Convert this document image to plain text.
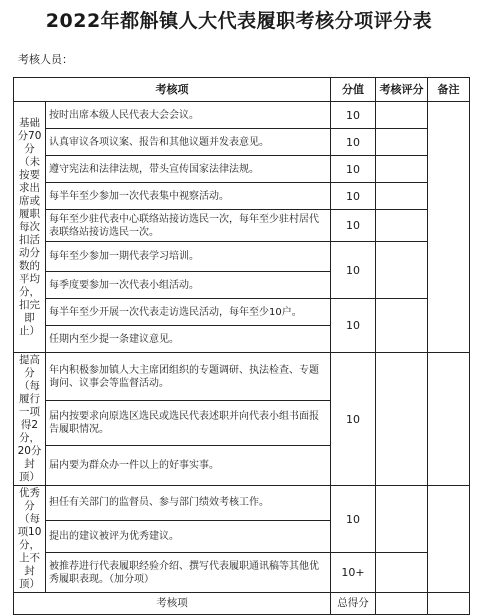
2022年都斛镇人大代表履职考核分项评分表
考核人员：
考核项		分值	考核评分	备注
基础分70分（未按要求出席或履职每次扣活动分数的平均分，扣完即止）	按时出席本级人民代表大会会议。	10		
	认真审议各项议案、报告和其他议题并发表意见。	10		
	遵守宪法和法律法规，带头宣传国家法律法规。	10		
	每半年至少参加一次代表集中视察活动。	10		
	每年至少驻代表中心联络站接访选民一次，每年至少驻村居代表联络站接访选民一次。	10		
	每年至少参加一期代表学习培训。	10		
	每季度要参加一次代表小组活动。			
	每半年至少开展一次代表走访选民活动，每年至少10户。	10		
	任期内至少提一条建议意见。			
提高分（每履行一项得2分，20分封顶）	年内积极参加镇人大主席团组织的专题调研、执法检查、专题询问、议事会等监督活动。	10		
	届内按要求向原选区选民或选民代表述职并向代表小组书面报告履职情况。			
	届内要为群众办一件以上的好事实事。			
优秀分（每项10分，上不封顶）	担任有关部门的监督员、参与部门绩效考核工作。	10		
	提出的建议被评为优秀建议。			
	被推荐进行代表履职经验介绍、撰写代表履职通讯稿等其他优秀履职表现。（加分项）	10+		
考核项		总得分		
